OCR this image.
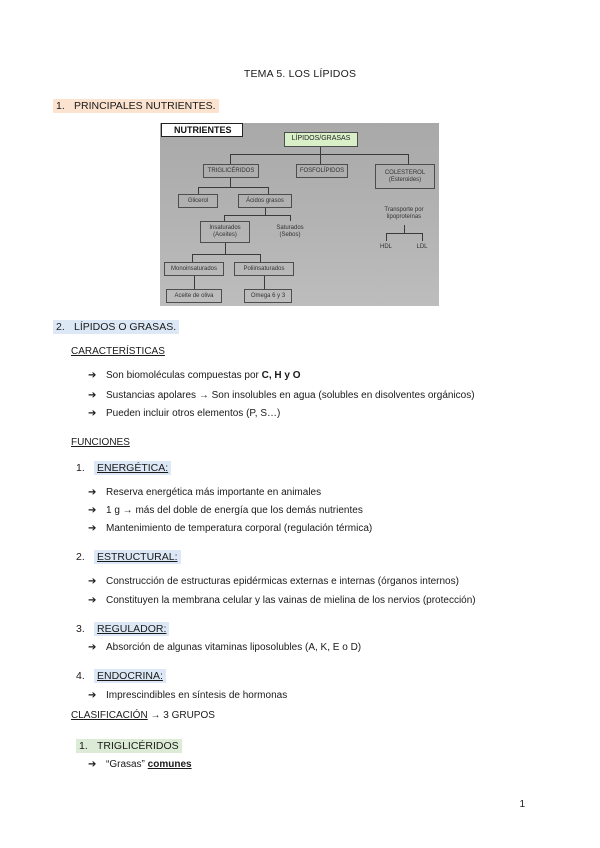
TEMA 5. LOS LÍPIDOS
1. PRINCIPALES NUTRIENTES.
NUTRIENTES
LÍPIDOS/GRASAS
TRIGLICÉRIDOS	FOSFOLÍPIDOS	COLESTEROL
(Esteroides)
Glicerol	Ácidos grasos
Insaturados
(Aceites)
Saturados
(Sebos)
Transporte por lipoproteínas
HDL	LDL
Monoinsaturados	Poliinsaturados
Aceite de oliva	Omega 6 y 3
2. LÍPIDOS O GRASAS.
CARACTERÍSTICAS
➔ Son biomoléculas compuestas por C, H y O
➔ Sustancias apolares → Son insolubles en agua (solubles en disolventes orgánicos)
➔ Pueden incluir otros elementos (P, S…)
FUNCIONES
1. ENERGÉTICA:
➔ Reserva energética más importante en animales
➔ 1 g → más del doble de energía que los demás nutrientes
➔ Mantenimiento de temperatura corporal (regulación térmica)
2. ESTRUCTURAL:
➔ Construcción de estructuras epidérmicas externas e internas (órganos internos)
➔ Constituyen la membrana celular y las vainas de mielina de los nervios (protección)
3. REGULADOR:
➔ Absorción de algunas vitaminas liposolubles (A, K, E o D)
4. ENDOCRINA:
➔ Imprescindibles en síntesis de hormonas
CLASIFICACIÓN → 3 GRUPOS
1. TRIGLICÉRIDOS
➔ “Grasas” comunes
1
